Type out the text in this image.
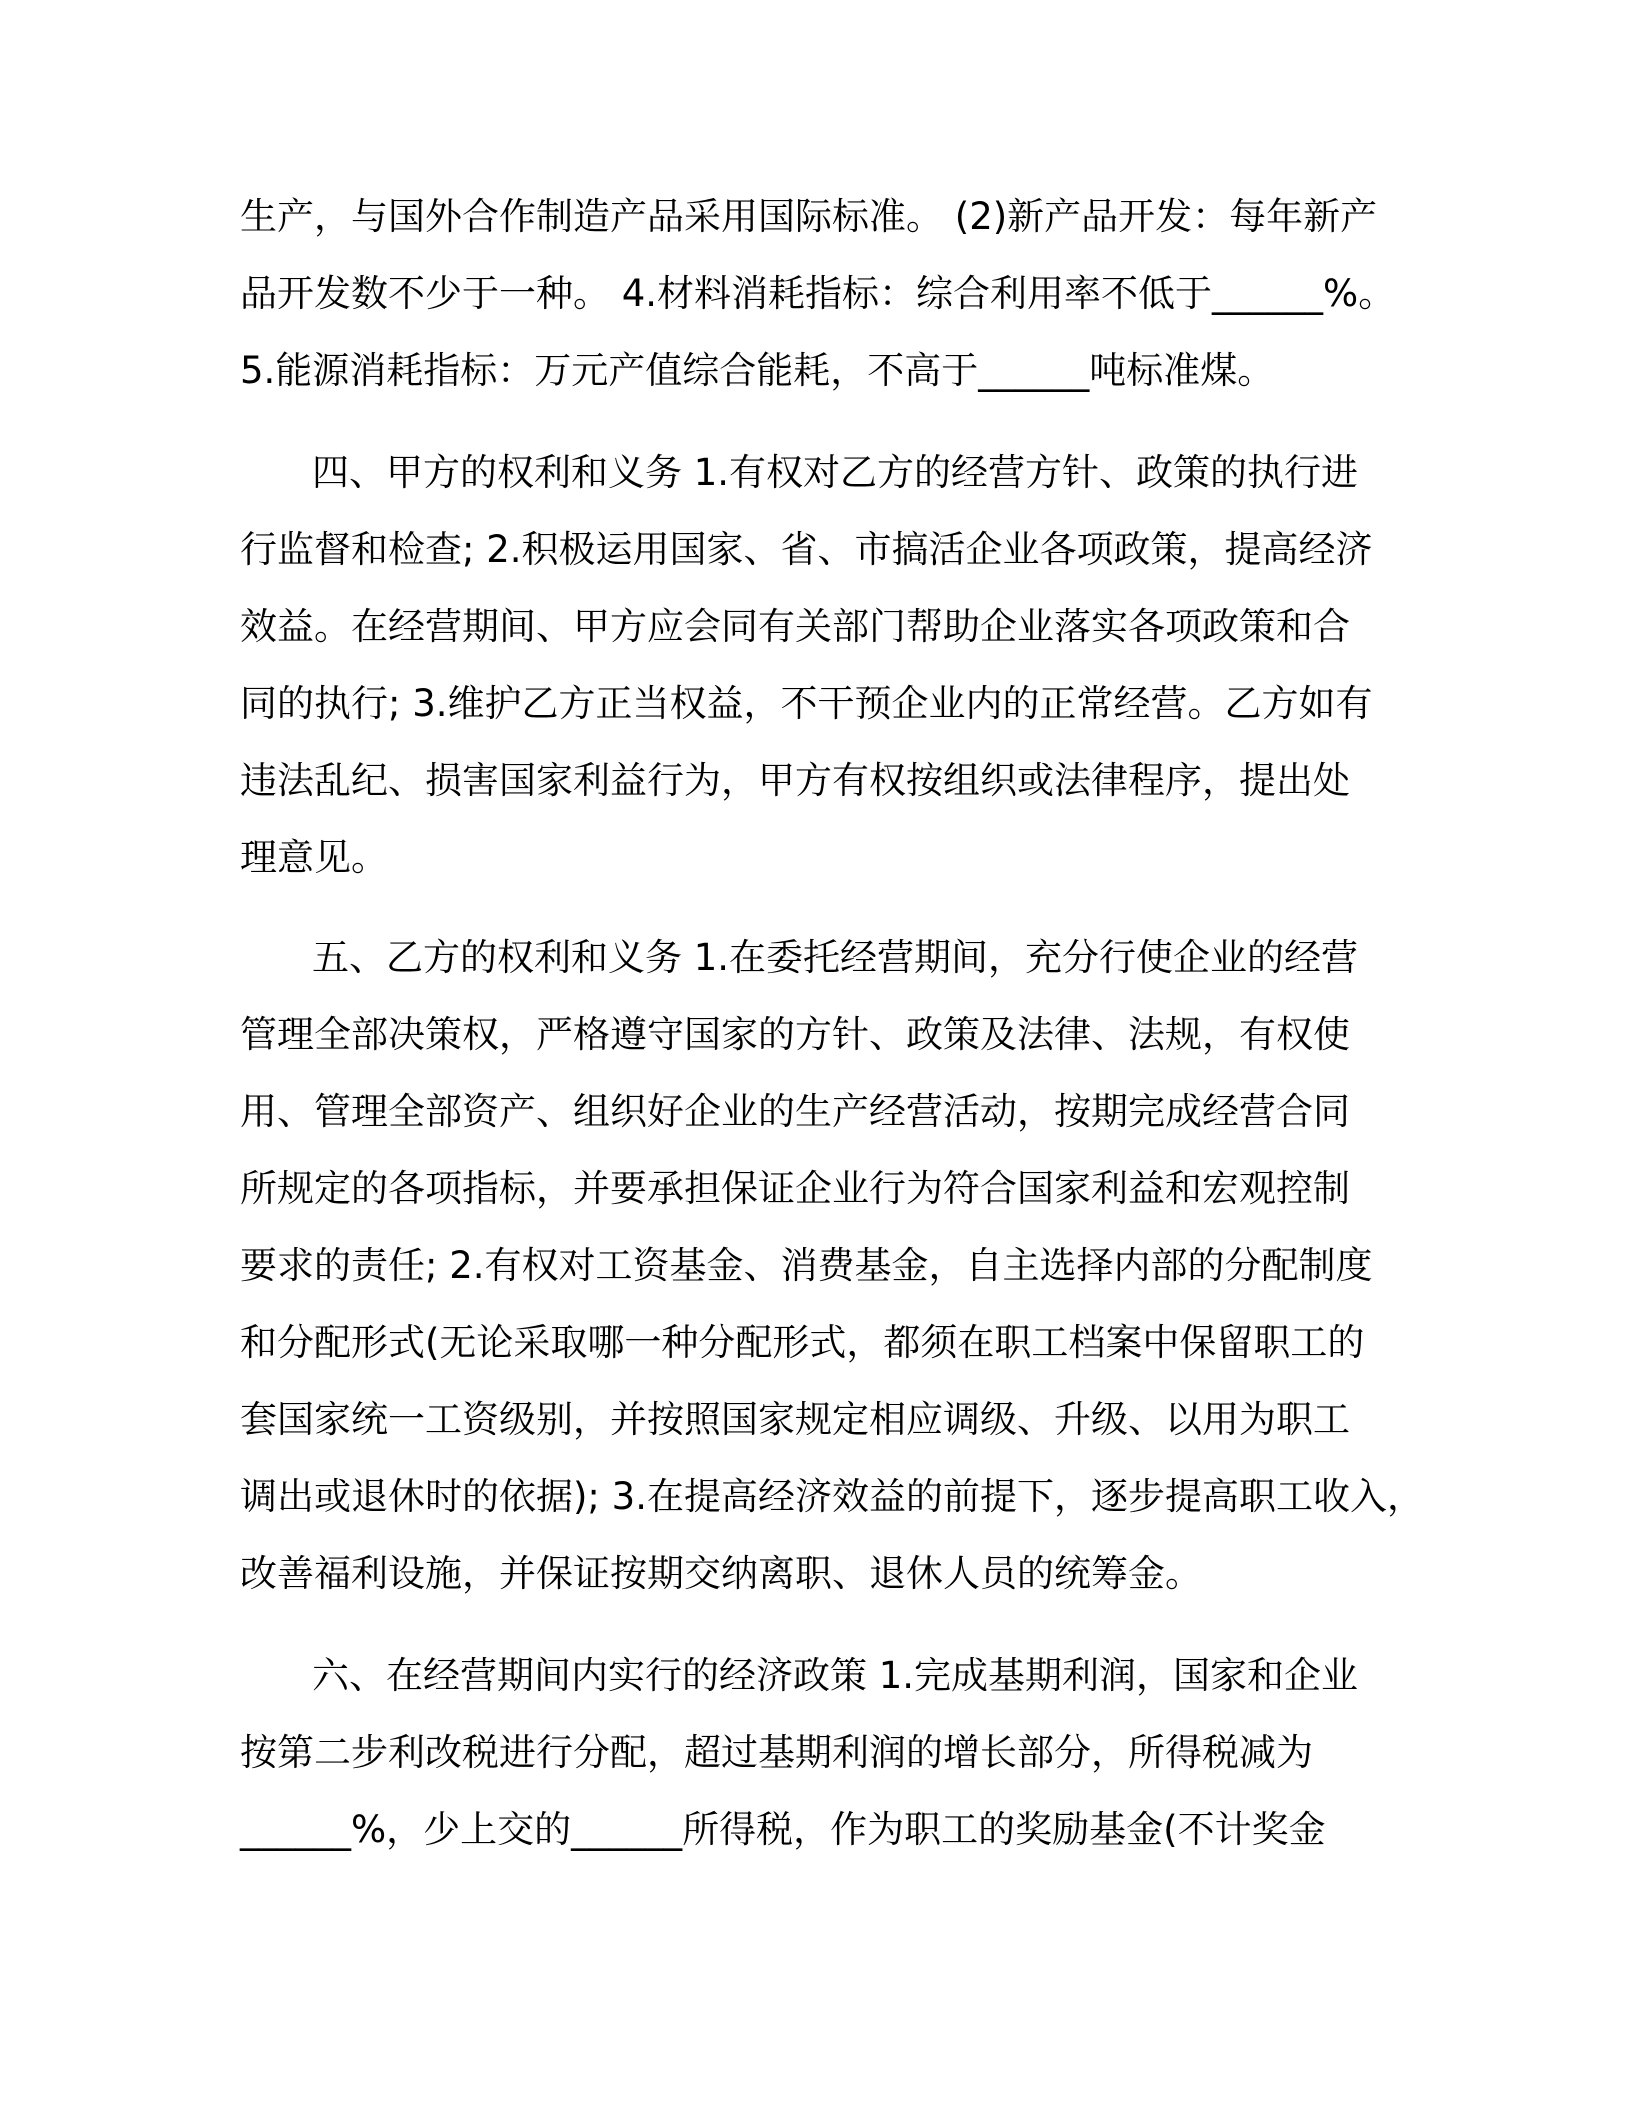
生产，与国外合作制造产品采用国际标准。 (2)新产品开发：每年新产
品开发数不少于一种。 4.材料消耗指标：综合利用率不低于______%。
5.能源消耗指标：万元产值综合能耗，不高于______吨标准煤。
四、甲方的权利和义务 1.有权对乙方的经营方针、政策的执行进
行监督和检查; 2.积极运用国家、省、市搞活企业各项政策，提高经济
效益。在经营期间、甲方应会同有关部门帮助企业落实各项政策和合
同的执行; 3.维护乙方正当权益，不干预企业内的正常经营。乙方如有
违法乱纪、损害国家利益行为，甲方有权按组织或法律程序，提出处
理意见。
五、乙方的权利和义务 1.在委托经营期间，充分行使企业的经营
管理全部决策权，严格遵守国家的方针、政策及法律、法规，有权使
用、管理全部资产、组织好企业的生产经营活动，按期完成经营合同
所规定的各项指标，并要承担保证企业行为符合国家利益和宏观控制
要求的责任; 2.有权对工资基金、消费基金，自主选择内部的分配制度
和分配形式(无论采取哪一种分配形式，都须在职工档案中保留职工的
套国家统一工资级别，并按照国家规定相应调级、升级、以用为职工
调出或退休时的依据); 3.在提高经济效益的前提下，逐步提高职工收入，
改善福利设施，并保证按期交纳离职、退休人员的统筹金。
六、在经营期间内实行的经济政策 1.完成基期利润，国家和企业
按第二步利改税进行分配，超过基期利润的增长部分，所得税减为
______%，少上交的______所得税，作为职工的奖励基金(不计奖金
